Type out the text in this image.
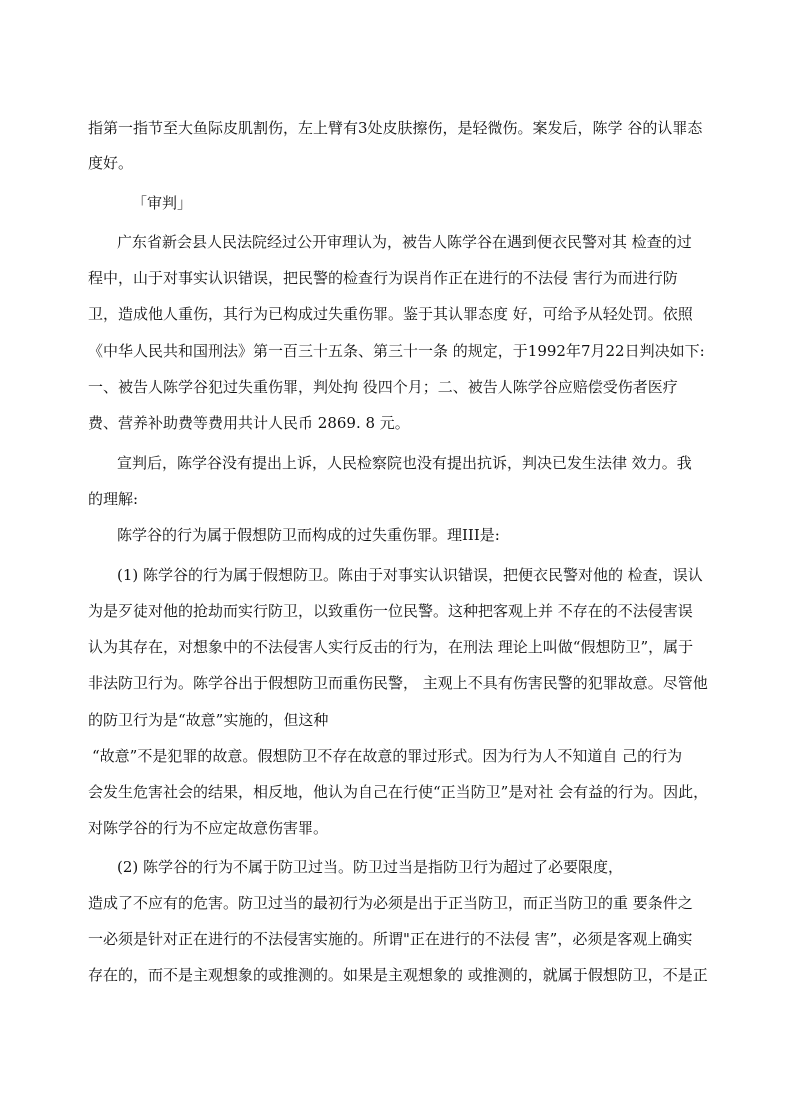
指第一指节至大鱼际皮肌割伤，左上臂有3处皮肤擦伤，是轻微伤。案发后，陈学 谷的认罪态
度好。
「审判」
广东省新会县人民法院经过公开审理认为，被告人陈学谷在遇到便衣民警对其 检查的过
程中，山于对事实认识错误，把民警的检查行为误肖作正在进行的不法侵 害行为而进行防
卫，造成他人重伤，其行为已构成过失重伤罪。鉴于其认罪态度 好，可给予从轻处罚。依照
《中华人民共和国刑法》第一百三十五条、第三十一条 的规定，于1992年7月22日判决如下:
一、被告人陈学谷犯过失重伤罪，判处拘 役四个月；二、被告人陈学谷应赔偿受伤者医疗
费、营养补助费等费用共计人民币 2869. 8 元。
宣判后，陈学谷没有提出上诉，人民检察院也没有提出抗诉，判决已发生法律 效力。我
的理解:
陈学谷的行为属于假想防卫而构成的过失重伤罪。理III是:
(1) 陈学谷的行为属于假想防卫。陈由于对事实认识错误，把便衣民警对他的 检查，误认
为是歹徒对他的抢劫而实行防卫，以致重伤一位民警。这种把客观上并 不存在的不法侵害误
认为其存在，对想象中的不法侵害人实行反击的行为，在刑法 理论上叫做“假想防卫”，属于
非法防卫行为。陈学谷出于假想防卫而重伤民警， 主观上不具有伤害民警的犯罪故意。尽管他
的防卫行为是“故意”实施的，但这种
“故意”不是犯罪的故意。假想防卫不存在故意的罪过形式。因为行为人不知道自 己的行为
会发生危害社会的结果，相反地，他认为自己在行使“正当防卫”是对社 会有益的行为。因此，
对陈学谷的行为不应定故意伤害罪。
(2) 陈学谷的行为不属于防卫过当。防卫过当是指防卫行为超过了必要限度，
造成了不应有的危害。防卫过当的最初行为必须是出于正当防卫，而正当防卫的重 要条件之
一必须是针对正在进行的不法侵害实施的。所谓"正在进行的不法侵 害”，必须是客观上确实
存在的，而不是主观想象的或推测的。如果是主观想象的 或推测的，就属于假想防卫，不是正
